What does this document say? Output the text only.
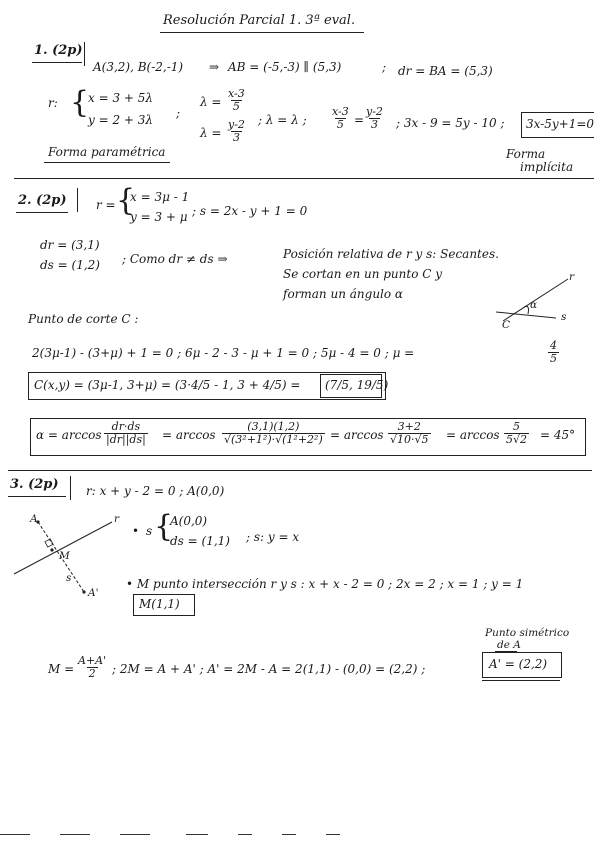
Resolución Parcial 1. 3ª eval.
1. (2p)
A(3,2), B(-2,-1) ⇒ AB = (-5,-3) ∥ (5,3)	; dr = BA = (5,3)
r: {
x = 3 + 5λ
y = 2 + 3λ ;
$\lambda = \frac{x-3}{5}$
$\lambda = \frac{y-2}{3}$ ; λ = λ ; $\frac{x-3}{5} = \frac{y-2}{3}$ ; 3x - 9 = 5y - 10 ; 3x-5y+1=0
Forma
implícita
Forma paramétrica
2. (2p) r = {
x = 3μ - 1
y = 3 + μ ; s = 2x - y + 1 = 0
dr = (3,1)
ds = (1,2) ; Como dr ≠ ds ⇒	Posición relativa de r y s: Secantes.
Se cortan en un punto C y
forman un ángulo α
r
s
C
α
Punto de corte C :
2(3μ-1) - (3+μ) + 1 = 0 ; 6μ - 2 - 3 - μ + 1 = 0 ; 5μ - 4 = 0 ; μ =	$\frac{4}{5}$
C(x,y) = (3μ-1, 3+μ) = (3·4/5 - 1, 3 + 4/5) = (7/5, 19/5)
$\alpha = \arccos \frac{dr\cdot ds}{|dr||ds|} = \arccos \frac{(3,1)(1,2)}{\text{√(3²+1²)·√(1²+2²)}} = \arccos \frac{3+2}{√10\cdot√5} = \arccos \frac{5}{5√2} = 45^\circ$
3. (2p) r: x + y - 2 = 0 ; A(0,0)
A	r
M
s
A'
• s {
A(0,0)
ds = (1,1) ; s: y = x
• M punto intersección r y s : x + x - 2 = 0 ; 2x = 2 ; x = 1 ; y = 1
M(1,1)
Punto simétrico
de A
$M = \frac{A+A'}{2}$ ; 2M = A + A' ; A' = 2M - A = 2(1,1) - (0,0) = (2,2) ;	A' = (2,2)
